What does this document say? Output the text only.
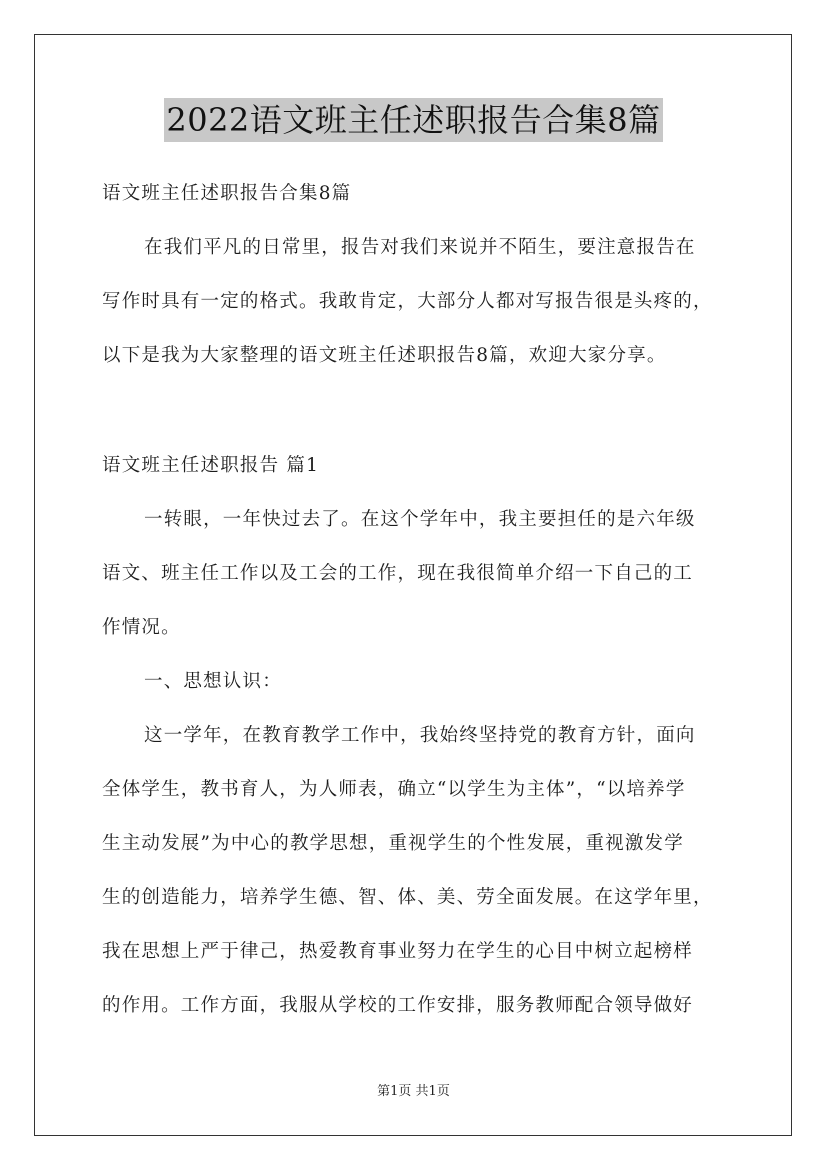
2022语文班主任述职报告合集8篇
语文班主任述职报告合集8篇
在我们平凡的日常里，报告对我们来说并不陌生，要注意报告在
写作时具有一定的格式。我敢肯定，大部分人都对写报告很是头疼的，
以下是我为大家整理的语文班主任述职报告8篇，欢迎大家分享。
语文班主任述职报告 篇1
一转眼，一年快过去了。在这个学年中，我主要担任的是六年级
语文、班主任工作以及工会的工作，现在我很简单介绍一下自己的工
作情况。
一、思想认识：
这一学年，在教育教学工作中，我始终坚持党的教育方针，面向
全体学生，教书育人，为人师表，确立“以学生为主体”，“以培养学
生主动发展”为中心的教学思想，重视学生的个性发展，重视激发学
生的创造能力，培养学生德、智、体、美、劳全面发展。在这学年里，
我在思想上严于律己，热爱教育事业努力在学生的心目中树立起榜样
的作用。工作方面，我服从学校的工作安排，服务教师配合领导做好
第1页 共1页
